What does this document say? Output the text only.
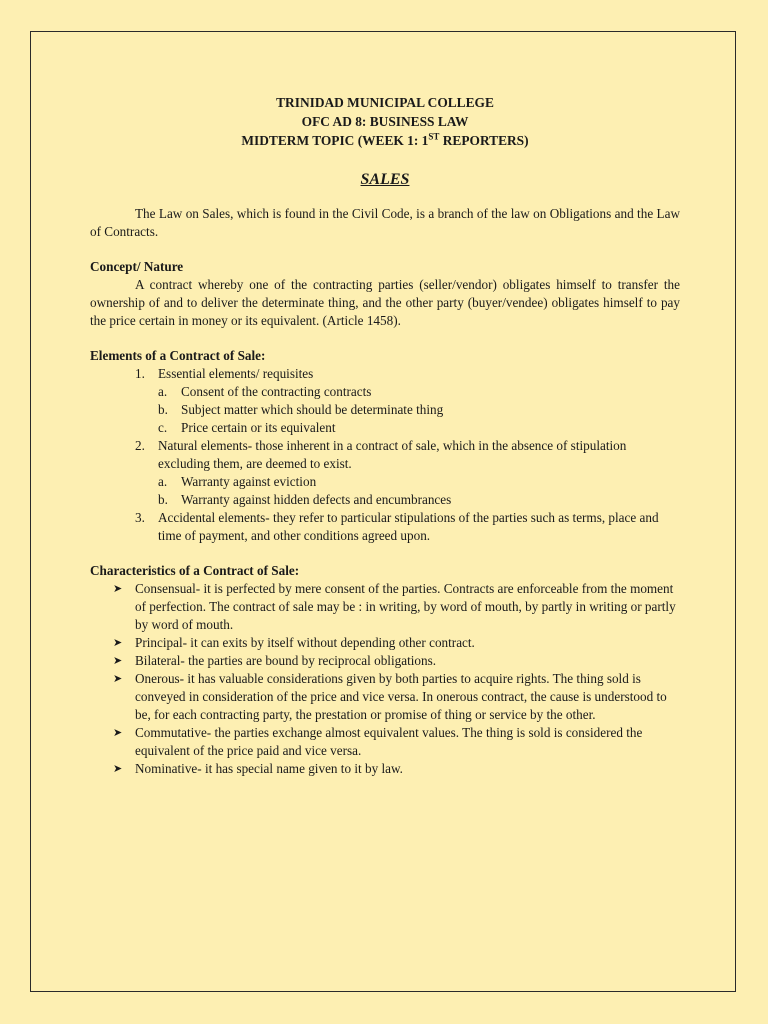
TRINIDAD MUNICIPAL COLLEGE
OFC AD 8: BUSINESS LAW
MIDTERM TOPIC (WEEK 1: 1ST REPORTERS)
SALES

The Law on Sales, which is found in the Civil Code, is a branch of the law on Obligations and the Law of Contracts.

Concept/ Nature

A contract whereby one of the contracting parties (seller/vendor) obligates himself to transfer the ownership of and to deliver the determinate thing, and the other party (buyer/vendee) obligates himself to pay the price certain in money or its equivalent. (Article 1458).

Elements of a Contract of Sale:
1. Essential elements/ requisites
a. Consent of the contracting contracts
b. Subject matter which should be determinate thing
c. Price certain or its equivalent
2. Natural elements- those inherent in a contract of sale, which in the absence of stipulation excluding them, are deemed to exist.
a. Warranty against eviction
b. Warranty against hidden defects and encumbrances
3. Accidental elements- they refer to particular stipulations of the parties such as terms, place and time of payment, and other conditions agreed upon.
Characteristics of a Contract of Sale:
➤ Consensual- it is perfected by mere consent of the parties. Contracts are enforceable from the moment of perfection. The contract of sale may be : in writing, by word of mouth, by partly in writing or partly by word of mouth.
➤ Principal- it can exits by itself without depending other contract.
➤ Bilateral- the parties are bound by reciprocal obligations.
➤ Onerous- it has valuable considerations given by both parties to acquire rights. The thing sold is conveyed in consideration of the price and vice versa. In onerous contract, the cause is understood to be, for each contracting party, the prestation or promise of thing or service by the other.
➤ Commutative- the parties exchange almost equivalent values. The thing is sold is considered the equivalent of the price paid and vice versa.
➤ Nominative- it has special name given to it by law.
